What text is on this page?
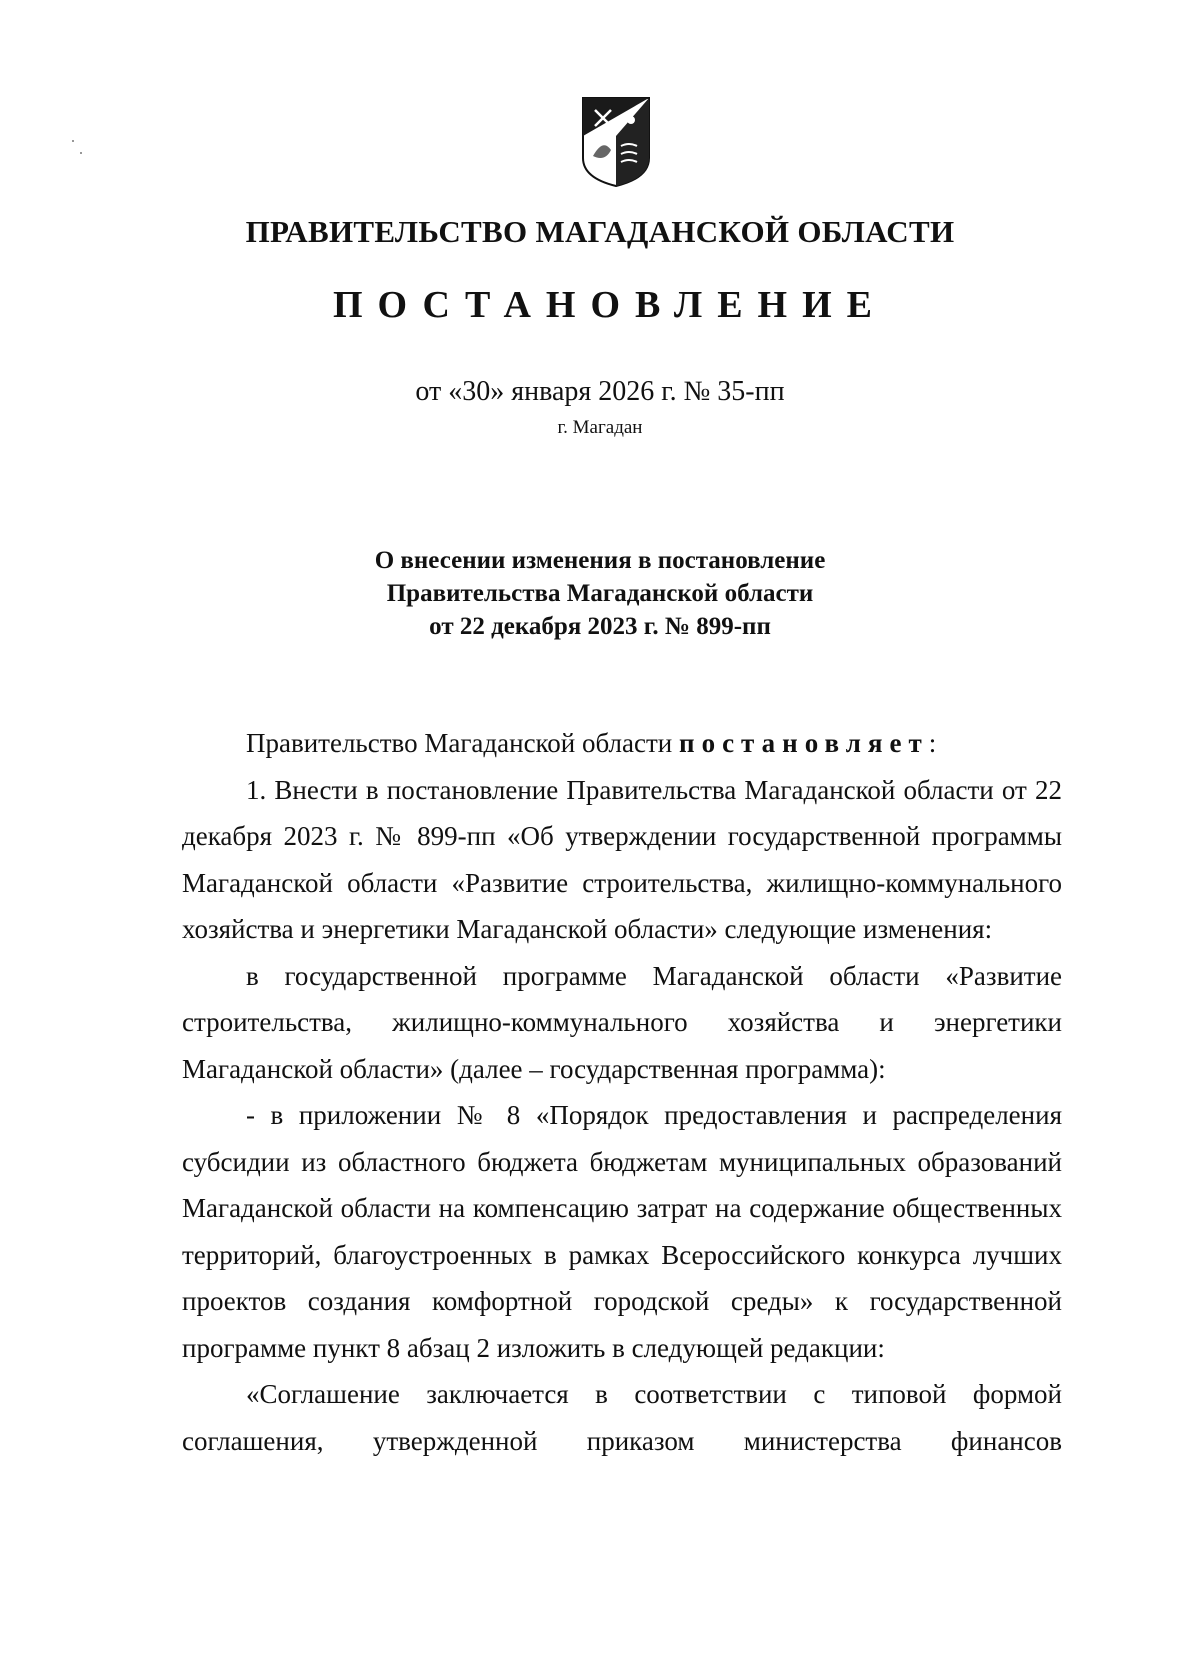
ПРАВИТЕЛЬСТВО МАГАДАНСКОЙ ОБЛАСТИ
ПОСТАНОВЛЕНИЕ
от «30» января 2026 г. № 35-пп
г. Магадан
О внесении изменения в постановление
Правительства Магаданской области
от 22 декабря 2023 г. № 899-пп

Правительство Магаданской области постановляет:

1. Внести в постановление Правительства Магаданской области от 22 декабря 2023 г. № 899-пп «Об утверждении государственной программы Магаданской области «Развитие строительства, жилищно-коммунального хозяйства и энергетики Магаданской области» следующие изменения:

в государственной программе Магаданской области «Развитие строительства, жилищно-коммунального хозяйства и энергетики Магаданской области» (далее – государственная программа):

- в приложении № 8 «Порядок предоставления и распределения субсидии из областного бюджета бюджетам муниципальных образований Магаданской области на компенсацию затрат на содержание общественных территорий, благоустроенных в рамках Всероссийского конкурса лучших проектов создания комфортной городской среды» к государственной программе пункт 8 абзац 2 изложить в следующей редакции:

«Соглашение заключается в соответствии с типовой формой соглашения, утвержденной приказом министерства финансов
